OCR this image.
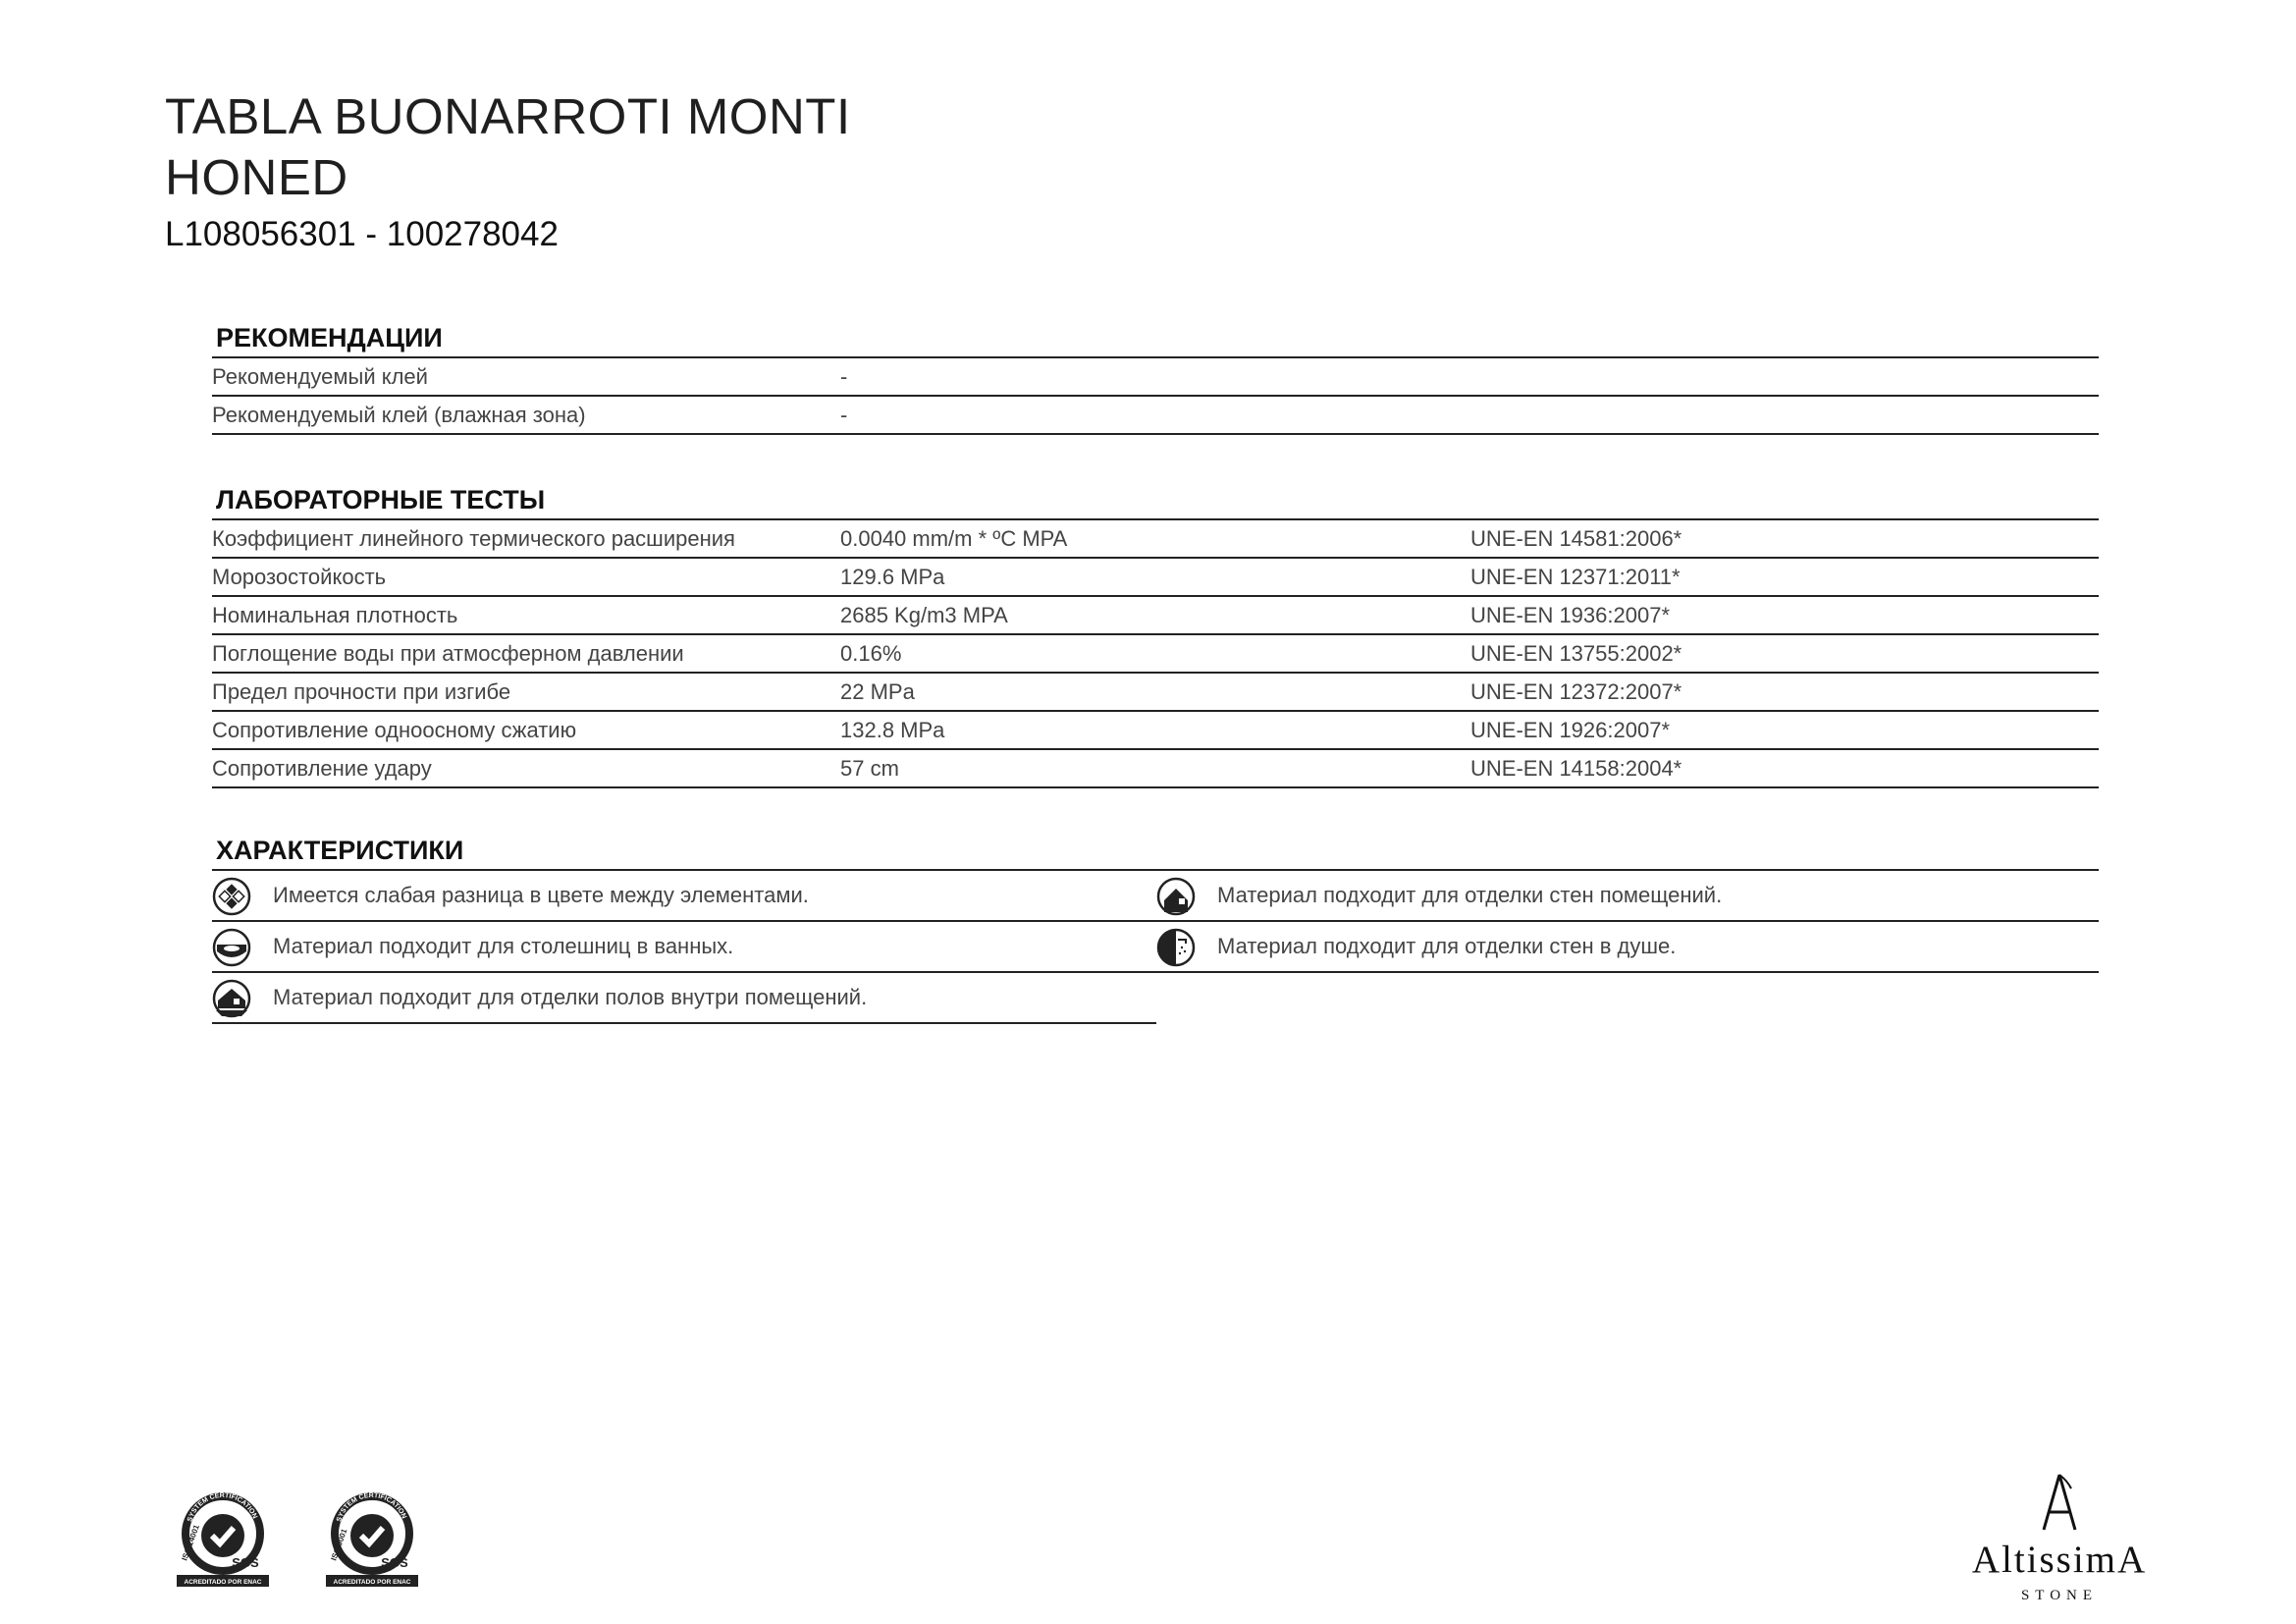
TABLA BUONARROTI MONTI
HONED
L108056301 - 100278042
РЕКОМЕНДАЦИИ
Рекомендуемый клей	-
Рекомендуемый клей (влажная зона)	-
ЛАБОРАТОРНЫЕ ТЕСТЫ
Коэффициент линейного термического расширения	0.0040 mm/m * ºC MPA	UNE-EN 14581:2006*
Морозостойкость	129.6 MPa	UNE-EN 12371:2011*
Номинальная плотность	2685 Kg/m3 MPA	UNE-EN 1936:2007*
Поглощение воды при атмосферном давлении	0.16%	UNE-EN 13755:2002*
Предел прочности при изгибе	22 MPa	UNE-EN 12372:2007*
Сопротивление одноосному сжатию	132.8 MPa	UNE-EN 1926:2007*
Сопротивление удару	57 cm	UNE-EN 14158:2004*
ХАРАКТЕРИСТИКИ
Имеется слабая разница в цвете между элементами.	Материал подходит для отделки стен помещений.
Материал подходит для столешниц в ванных.	Материал подходит для отделки стен в душе.
Материал подходит для отделки полов внутри помещений.
SYSTEM CERTIFICATION
SGS
ISO 14001
ACREDITADO POR ENAC
SYSTEM CERTIFICATION
SGS
ISO 9001
ACREDITADO POR ENAC
AltissimA
STONE
